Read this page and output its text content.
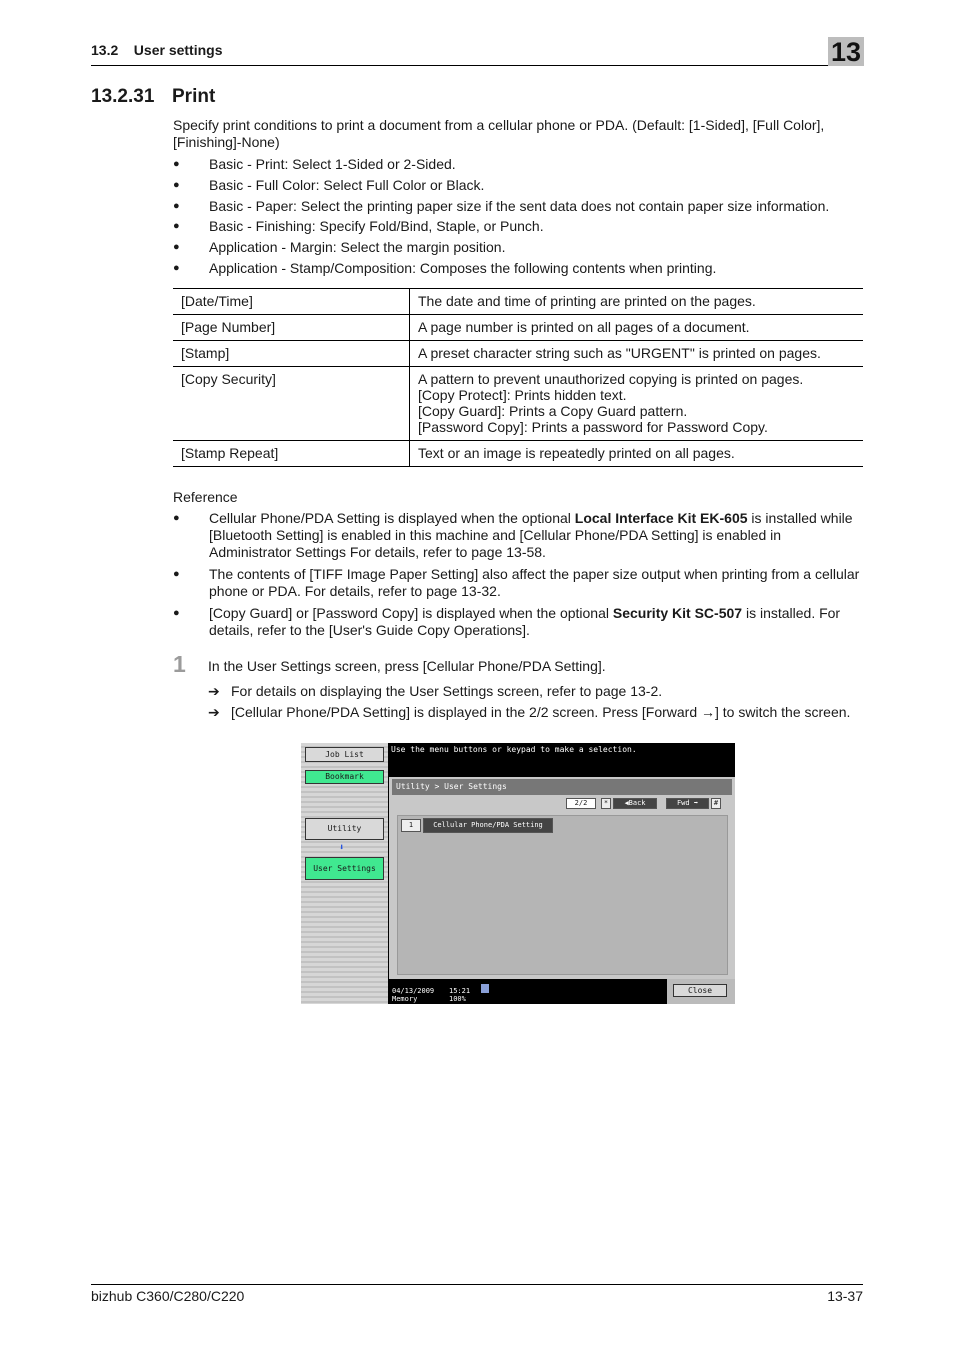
13.2    User settings	13
13.2.31 Print
Specify print conditions to print a document from a cellular phone or PDA. (Default: [1-Sided], [Full Color], [Finishing]-None)
● Basic - Print: Select 1-Sided or 2-Sided.
● Basic - Full Color: Select Full Color or Black.
● Basic - Paper: Select the printing paper size if the sent data does not contain paper size information.
● Basic - Finishing: Specify Fold/Bind, Staple, or Punch.
● Application - Margin: Select the margin position.
● Application - Stamp/Composition: Composes the following contents when printing.
[Date/Time]	The date and time of printing are printed on the pages.

[Page Number]	A page number is printed on all pages of a document.

[Stamp]	A preset character string such as "URGENT" is printed on pages.

[Copy Security]	A pattern to prevent unauthorized copying is printed on pages.
[Copy Protect]: Prints hidden text.
[Copy Guard]: Prints a Copy Guard pattern.
[Password Copy]: Prints a password for Password Copy.

[Stamp Repeat]	Text or an image is repeatedly printed on all pages.
Reference
● Cellular Phone/PDA Setting is displayed when the optional Local Interface Kit EK-605 is installed while [Bluetooth Setting] is enabled in this machine and [Cellular Phone/PDA Setting] is enabled in Administrator Settings For details, refer to page 13-58.
● The contents of [TIFF Image Paper Setting] also affect the paper size output when printing from a cellular phone or PDA. For details, refer to page 13-32.
● [Copy Guard] or [Password Copy] is displayed when the optional Security Kit SC-507 is installed. For details, refer to the [User's Guide Copy Operations].
1 In the User Settings screen, press [Cellular Phone/PDA Setting].
➔ For details on displaying the User Settings screen, refer to page 13-2.
➔ [Cellular Phone/PDA Setting] is displayed in the 2/2 screen. Press [Forward →] to switch the screen.
Job List
Bookmark
Utility
⬇
User Settings
Use the menu buttons or keypad to make a selection.
Utility > User Settings
2/2	*	◀Back	Fwd ➡	#
1	Cellular Phone/PDA Setting
04/13/2009 15:21
Memory	100%
Close
bizhub C360/C280/C220	13-37
